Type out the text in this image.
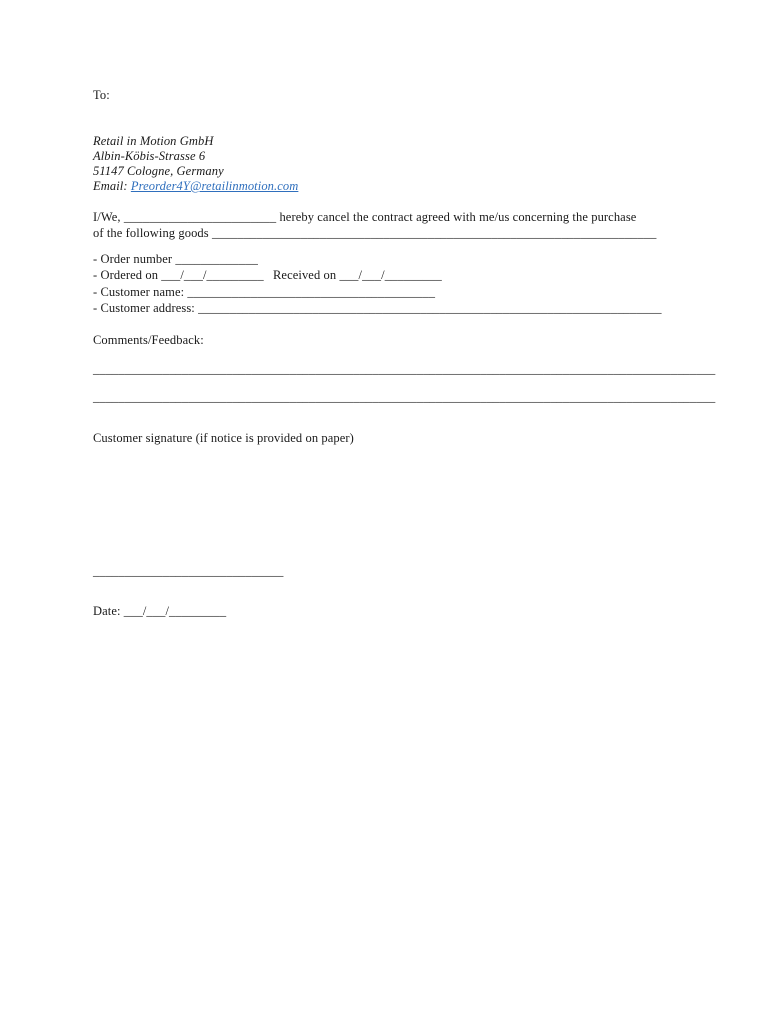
To:
Retail in Motion GmbH
Albin-Köbis-Strasse 6
51147 Cologne, Germany
Email: Preorder4Y@retailinmotion.com
I/We, ________________________ hereby cancel the contract agreed with me/us concerning the purchase
of the following goods ______________________________________________________________________
- Order number _____________
- Ordered on ___/___/_________ Received on ___/___/_________
- Customer name: _______________________________________
- Customer address: _________________________________________________________________________
Comments/Feedback:
__________________________________________________________________________________________________
__________________________________________________________________________________________________
Customer signature (if notice is provided on paper)
______________________________
Date: ___/___/_________
